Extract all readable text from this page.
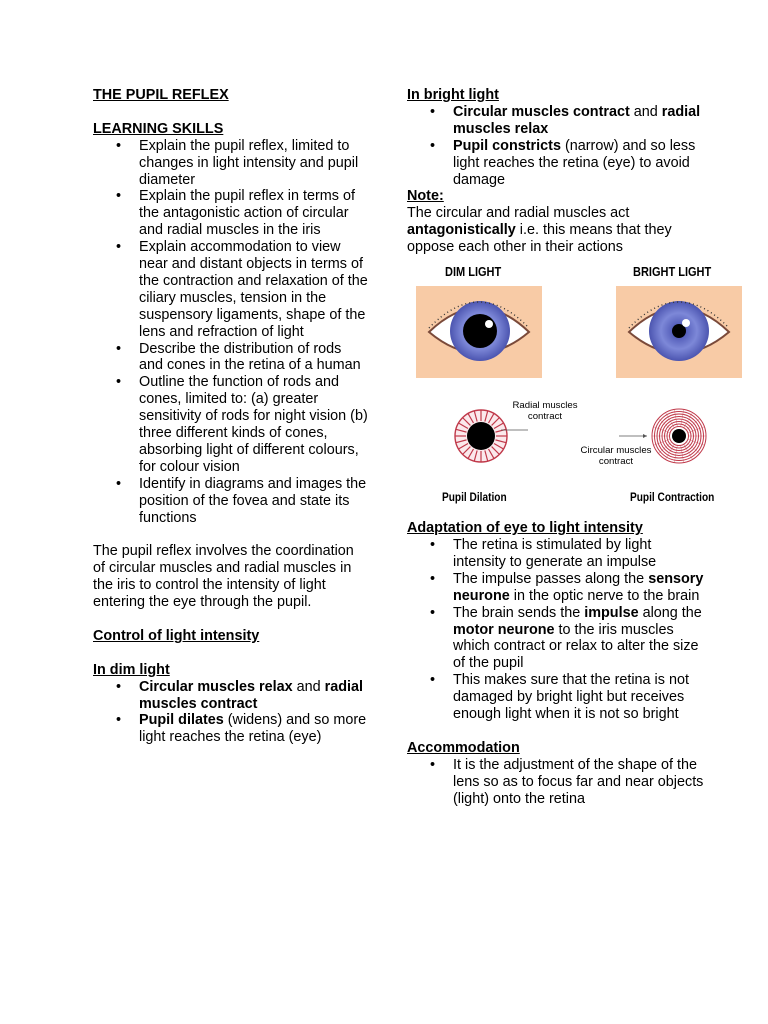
THE PUPIL REFLEX
LEARNING SKILLS
• Explain the pupil reflex, limited to changes in light intensity and pupil diameter
• Explain the pupil reflex in terms of the antagonistic action of circular and radial muscles in the iris
• Explain accommodation to view near and distant objects in terms of the contraction and relaxation of the ciliary muscles, tension in the suspensory ligaments, shape of the lens and refraction of light
• Describe the distribution of rods and cones in the retina of a human
• Outline the function of rods and cones, limited to: (a) greater sensitivity of rods for night vision (b) three different kinds of cones, absorbing light of different colours, for colour vision
• Identify in diagrams and images the position of the fovea and state its functions

The pupil reflex involves the coordination of circular muscles and radial muscles in the iris to control the intensity of light entering the eye through the pupil.

Control of light intensity
In dim light
• Circular muscles relax and radial muscles contract
• Pupil dilates (widens) and so more light reaches the retina (eye)
In bright light
• Circular muscles contract and radial muscles relax
• Pupil constricts (narrow) and so less light reaches the retina (eye) to avoid damage
Note:

The circular and radial muscles act antagonistically i.e. this means that they oppose each other in their actions

DIM LIGHT	BRIGHT LIGHT
Radial muscles
contract
Circular muscles
contract
Pupil Dilation	Pupil Contraction
Adaptation of eye to light intensity
• The retina is stimulated by light intensity to generate an impulse
• The impulse passes along the sensory neurone in the optic nerve to the brain
• The brain sends the impulse along the motor neurone to the iris muscles which contract or relax to alter the size of the pupil
• This makes sure that the retina is not damaged by bright light but receives enough light when it is not so bright
Accommodation
• It is the adjustment of the shape of the lens so as to focus far and near objects (light) onto the retina
